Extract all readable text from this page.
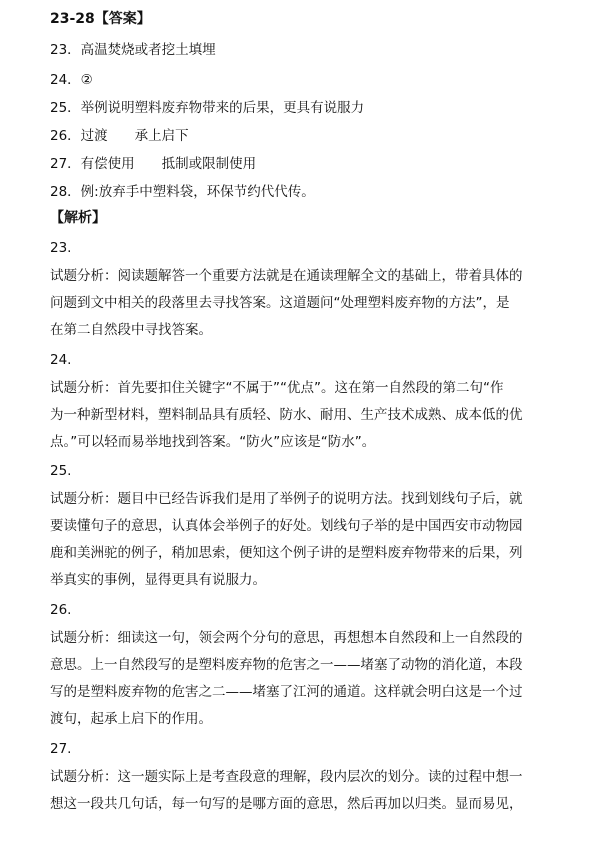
23-28【答案】
23．高温焚烧或者挖土填埋
24．②
25．举例说明塑料废弃物带来的后果，更具有说服力
26．过渡　　承上启下
27．有偿使用　　抵制或限制使用
28．例:放弃手中塑料袋，环保节约代代传。
【解析】
23.
试题分析：阅读题解答一个重要方法就是在通读理解全文的基础上，带着具体的
问题到文中相关的段落里去寻找答案。这道题问“处理塑料废弃物的方法”，是
在第二自然段中寻找答案。
24.
试题分析：首先要扣住关键字“不属于”“优点”。这在第一自然段的第二句“作
为一种新型材料，塑料制品具有质轻、防水、耐用、生产技术成熟、成本低的优
点。”可以轻而易举地找到答案。“防火”应该是“防水”。
25.
试题分析：题目中已经告诉我们是用了举例子的说明方法。找到划线句子后，就
要读懂句子的意思，认真体会举例子的好处。划线句子举的是中国西安市动物园
鹿和美洲驼的例子，稍加思索，便知这个例子讲的是塑料废弃物带来的后果，列
举真实的事例，显得更具有说服力。
26.
试题分析：细读这一句，领会两个分句的意思，再想想本自然段和上一自然段的
意思。上一自然段写的是塑料废弃物的危害之一——堵塞了动物的消化道，本段
写的是塑料废弃物的危害之二——堵塞了江河的通道。这样就会明白这是一个过
渡句，起承上启下的作用。
27.
试题分析：这一题实际上是考查段意的理解，段内层次的划分。读的过程中想一
想这一段共几句话，每一句写的是哪方面的意思，然后再加以归类。显而易见，
